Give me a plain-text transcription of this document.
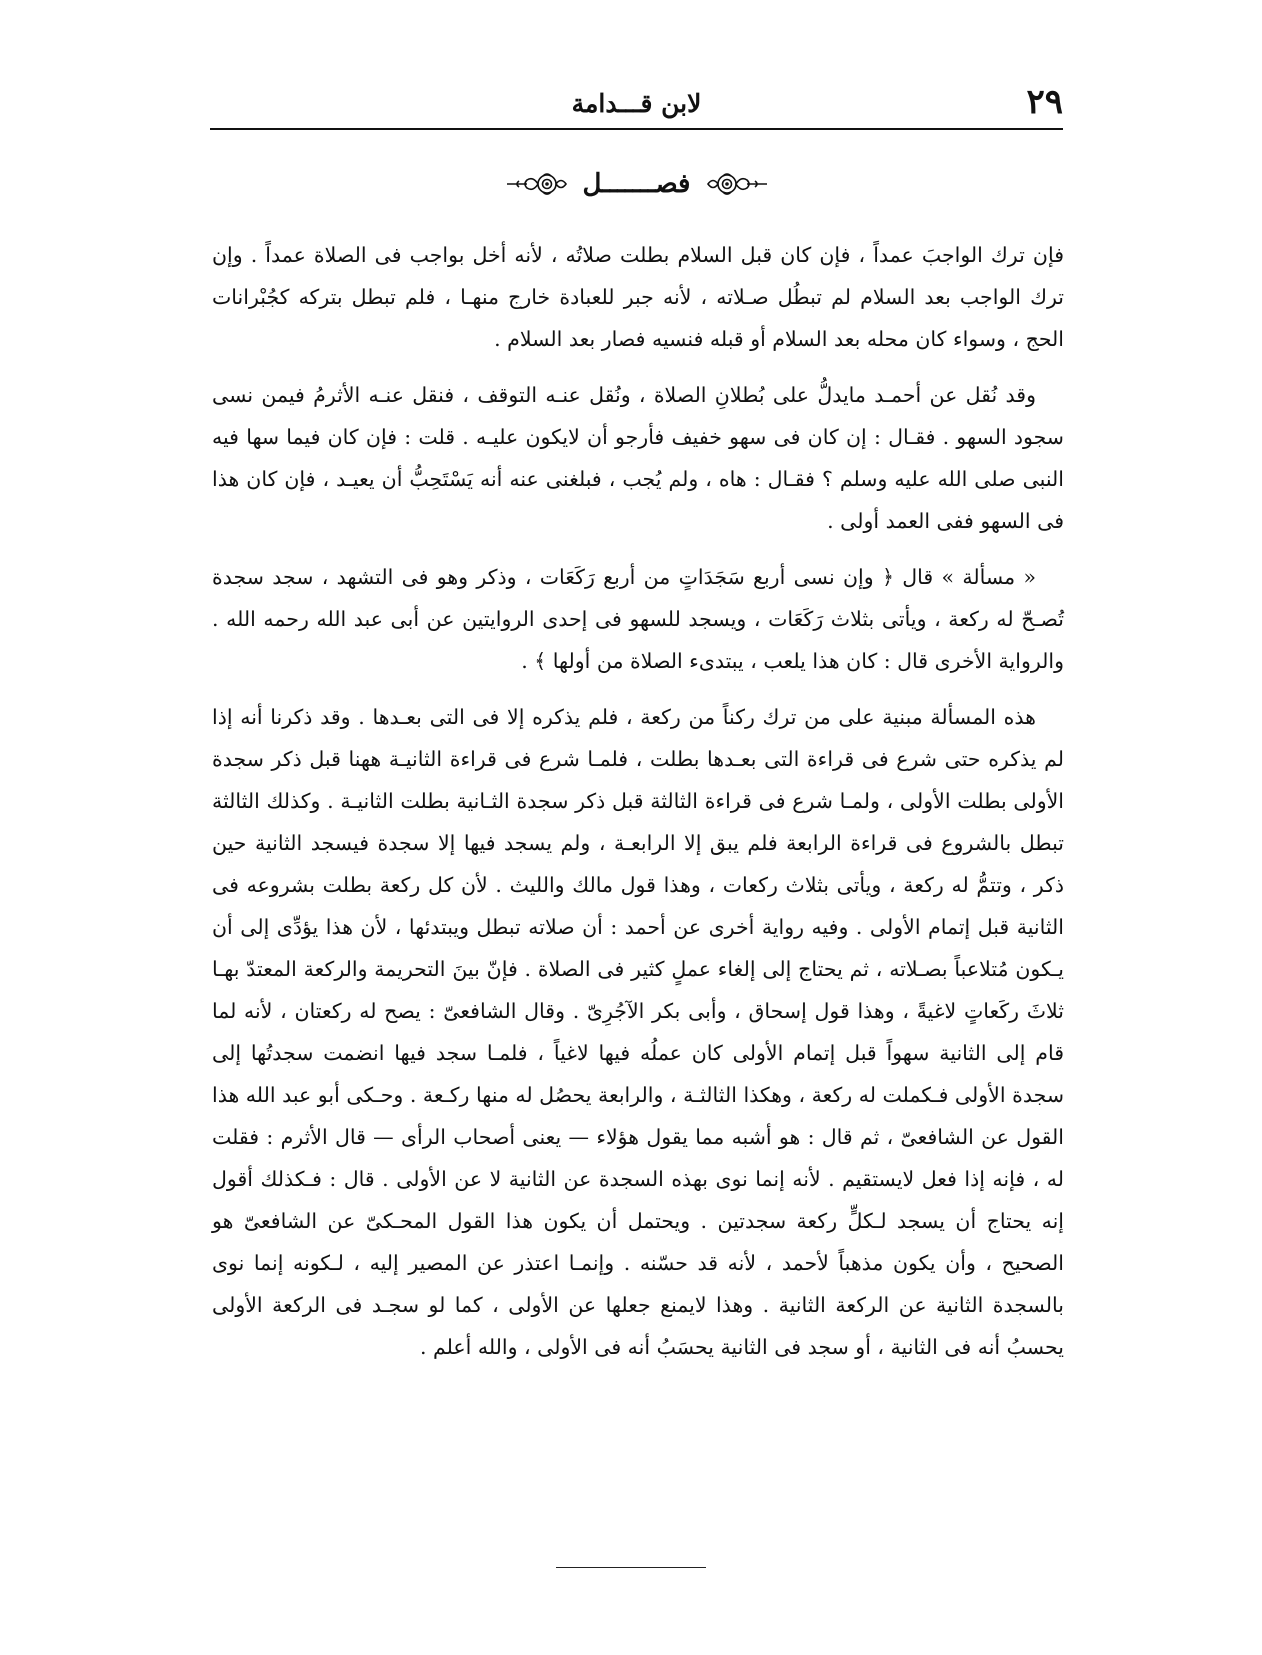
٢٩
لابن قـــدامة
فصـــــــل

فإن ترك الواجبَ عمداً ، فإن كان قبل السلام بطلت صلاتُه ، لأنه أخل بواجب فى الصلاة عمداً . وإن ترك الواجب بعد السلام لم تبطُل صـلاته ، لأنه جبر للعبادة خارج منهـا ، فلم تبطل بتركه كجُبْرانات الحج ، وسواء كان محله بعد السلام أو قبله فنسيه فصار بعد السلام .

وقد نُقل عن أحمـد مايدلُّ على بُطلانِ الصلاة ، ونُقل عنـه التوقف ، فنقل عنـه الأثرمُ فيمن نسى سجود السهو . فقـال : إن كان فى سهو خفيف فأرجو أن لايكون عليـه . قلت : فإن كان فيما سها فيه النبى صلى الله عليه وسلم ؟ فقـال : هاه ، ولم يُجب ، فبلغنى عنه أنه يَسْتَحِبُّ أن يعيـد ، فإن كان هذا فى السهو ففى العمد أولى .

« مسألة » قال ﴿ وإن نسى أربع سَجَدَاتٍ من أربع رَكَعَات ، وذكر وهو فى التشهد ، سجد سجدة تُصـحّ له ركعة ، ويأتى بثلاث رَكَعَات ، ويسجد للسهو فى إحدى الروايتين عن أبى عبد الله رحمه الله . والرواية الأخرى قال : كان هذا يلعب ، يبتدىء الصلاة من أولها ﴾ .

هذه المسألة مبنية على من ترك ركناً من ركعة ، فلم يذكره إلا فى التى بعـدها . وقد ذكرنا أنه إذا لم يذكره حتى شرع فى قراءة التى بعـدها بطلت ، فلمـا شرع فى قراءة الثانيـة ههنا قبل ذكر سجدة الأولى بطلت الأولى ، ولمـا شرع فى قراءة الثالثة قبل ذكر سجدة الثـانية بطلت الثانيـة . وكذلك الثالثة تبطل بالشروع فى قراءة الرابعة فلم يبق إلا الرابعـة ، ولم يسجد فيها إلا سجدة فيسجد الثانية حين ذكر ، وتتمُّ له ركعة ، ويأتى بثلاث ركعات ، وهذا قول مالك والليث . لأن كل ركعة بطلت بشروعه فى الثانية قبل إتمام الأولى . وفيه رواية أخرى عن أحمد : أن صلاته تبطل ويبتدئها ، لأن هذا يؤدِّى إلى أن يـكون مُتلاعباً بصـلاته ، ثم يحتاج إلى إلغاء عملٍ كثير فى الصلاة . فإنّ بينَ التحريمة والركعة المعتدّ بهـا ثلاثَ ركَعاتٍ لاغيةً ، وهذا قول إسحاق ، وأبى بكر الآجُرِىّ . وقال الشافعىّ : يصح له ركعتان ، لأنه لما قام إلى الثانية سهواً قبل إتمام الأولى كان عملُه فيها لاغياً ، فلمـا سجد فيها انضمت سجدتُها إلى سجدة الأولى فـكملت له ركعة ، وهكذا الثالثـة ، والرابعة يحصُل له منها ركـعة . وحـكى أبو عبد الله هذا القول عن الشافعىّ ، ثم قال : هو أشبه مما يقول هؤلاء — يعنى أصحاب الرأى — قال الأثرم : فقلت له ، فإنه إذا فعل لايستقيم . لأنه إنما نوى بهذه السجدة عن الثانية لا عن الأولى . قال : فـكذلك أقول إنه يحتاج أن يسجد لـكلٍّ ركعة سجدتين . ويحتمل أن يكون هذا القول المحـكىّ عن الشافعىّ هو الصحيح ، وأن يكون مذهباً لأحمد ، لأنه قد حسّنه . وإنمـا اعتذر عن المصير إليه ، لـكونه إنما نوى بالسجدة الثانية عن الركعة الثانية . وهذا لايمنع جعلها عن الأولى ، كما لو سجـد فى الركعة الأولى يحسبُ أنه فى الثانية ، أو سجد فى الثانية يحسَبُ أنه فى الأولى ، والله أعلم .
